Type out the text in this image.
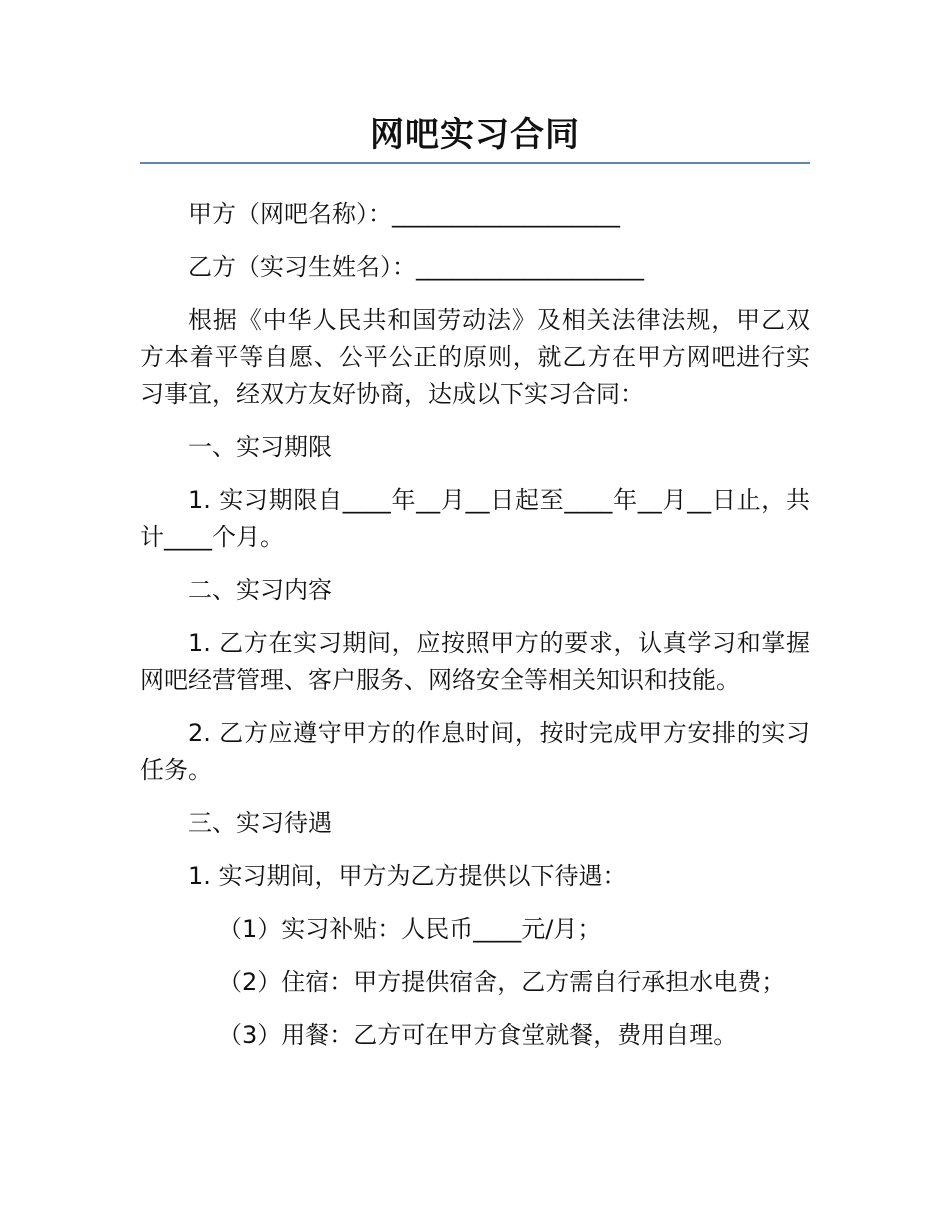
网吧实习合同

甲方（网吧名称）：___________________

乙方（实习生姓名）：___________________

根据《中华人民共和国劳动法》及相关法律法规，甲乙双方本着平等自愿、公平公正的原则，就乙方在甲方网吧进行实习事宜，经双方友好协商，达成以下实习合同：

一、实习期限

1. 实习期限自____年__月__日起至____年__月__日止，共计____个月。

二、实习内容

1. 乙方在实习期间，应按照甲方的要求，认真学习和掌握网吧经营管理、客户服务、网络安全等相关知识和技能。

2. 乙方应遵守甲方的作息时间，按时完成甲方安排的实习任务。

三、实习待遇

1. 实习期间，甲方为乙方提供以下待遇：

（1）实习补贴：人民币____元/月；

（2）住宿：甲方提供宿舍，乙方需自行承担水电费；

（3）用餐：乙方可在甲方食堂就餐，费用自理。
